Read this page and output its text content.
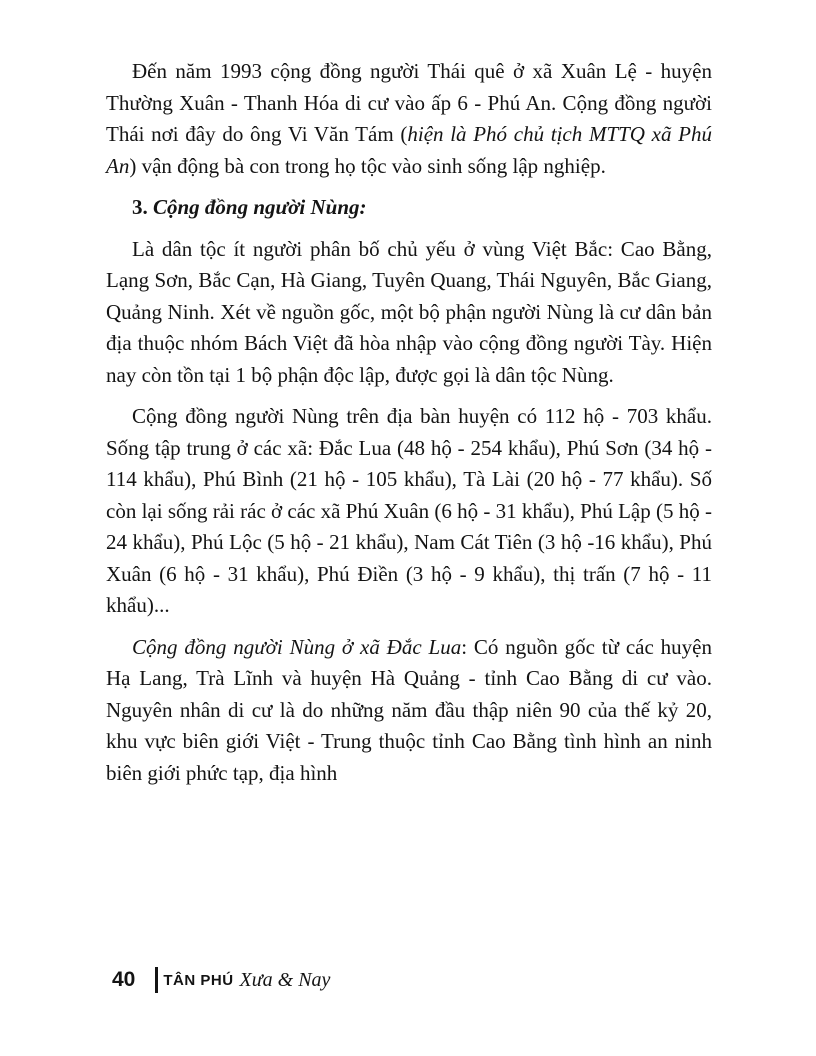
Đến năm 1993 cộng đồng người Thái quê ở xã Xuân Lệ - huyện Thường Xuân - Thanh Hóa di cư vào ấp 6 - Phú An. Cộng đồng người Thái nơi đây do ông Vi Văn Tám (hiện là Phó chủ tịch MTTQ xã Phú An) vận động bà con trong họ tộc vào sinh sống lập nghiệp.

3. Cộng đồng người Nùng:

Là dân tộc ít người phân bố chủ yếu ở vùng Việt Bắc: Cao Bằng, Lạng Sơn, Bắc Cạn, Hà Giang, Tuyên Quang, Thái Nguyên, Bắc Giang, Quảng Ninh. Xét về nguồn gốc, một bộ phận người Nùng là cư dân bản địa thuộc nhóm Bách Việt đã hòa nhập vào cộng đồng người Tày. Hiện nay còn tồn tại 1 bộ phận độc lập, được gọi là dân tộc Nùng.

Cộng đồng người Nùng trên địa bàn huyện có 112 hộ - 703 khẩu. Sống tập trung ở các xã: Đắc Lua (48 hộ - 254 khẩu), Phú Sơn (34 hộ - 114 khẩu), Phú Bình (21 hộ - 105 khẩu), Tà Lài (20 hộ - 77 khẩu). Số còn lại sống rải rác ở các xã Phú Xuân (6 hộ - 31 khẩu), Phú Lập (5 hộ - 24 khẩu), Phú Lộc (5 hộ - 21 khẩu), Nam Cát Tiên (3 hộ -16 khẩu), Phú Xuân (6 hộ - 31 khẩu), Phú Điền (3 hộ - 9 khẩu), thị trấn (7 hộ - 11 khẩu)...

Cộng đồng người Nùng ở xã Đắc Lua: Có nguồn gốc từ các huyện Hạ Lang, Trà Lĩnh và huyện Hà Quảng - tỉnh Cao Bằng di cư vào. Nguyên nhân di cư là do những năm đầu thập niên 90 của thế kỷ 20, khu vực biên giới Việt - Trung thuộc tỉnh Cao Bằng tình hình an ninh biên giới phức tạp, địa hình

40 TÂN PHÚ Xưa & Nay
